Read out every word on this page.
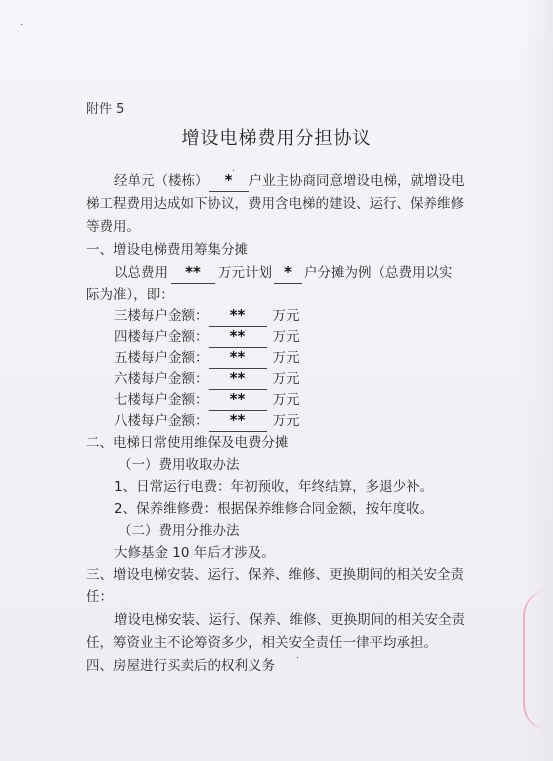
·
·
·
附件 5
增设电梯费用分担协议
经单元（楼栋） * 户业主协商同意增设电梯，就增设电
梯工程费用达成如下协议，费用含电梯的建设、运行、保养维修
等费用。
一、增设电梯费用筹集分摊
以总费用 ** 万元计划 * 户分摊为例（总费用以实
际为准），即：
三楼每户金额： ** 万元
四楼每户金额： ** 万元
五楼每户金额： ** 万元
六楼每户金额： ** 万元
七楼每户金额： ** 万元
八楼每户金额： ** 万元
二、电梯日常使用维保及电费分摊
（一）费用收取办法
1、日常运行电费：年初预收，年终结算，多退少补。
2、保养维修费：根据保养维修合同金额，按年度收。
（二）费用分推办法
大修基金 10 年后才涉及。
三、增设电梯安装、运行、保养、维修、更换期间的相关安全责
任：
增设电梯安装、运行、保养、维修、更换期间的相关安全责
任，筹资业主不论筹资多少，相关安全责任一律平均承担。
四、房屋进行买卖后的权利义务
